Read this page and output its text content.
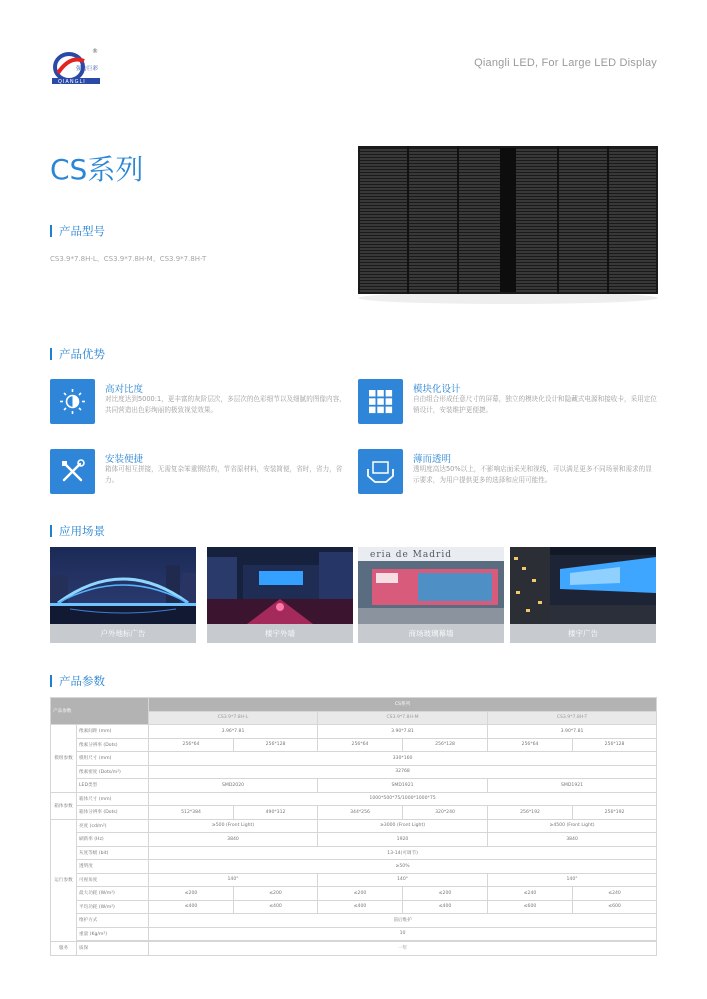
强力巨彩
QIANGLI
®
Qiangli LED, For Large LED Display
CS系列
产品型号
CS3.9*7.8H-L、CS3.9*7.8H-M、CS3.9*7.8H-T
产品优势
高对比度
对比度达到5000:1，更丰富的灰阶层次，多层次的色彩细节以及细腻的图像内容，共同营造出色彩绚丽的极致视觉效果。
模块化设计
自由组合形成任意尺寸的屏幕，独立的模块化设计和隐藏式电源和接收卡，采用定位销设计，安装维护更便捷。
安装便捷
箱体可相互拼接，无需复杂笨重钢结构，节省原材料，安装简便，省时，省力，省力。
薄而透明
透明度高达50%以上，不影响店面采光和视线，可以满足更多不同场景和需求的显示要求，为用户提供更多的选择和应用可能性。
应用场景
户外地标广告	楼宇外墙
eria de Madrid
商场玻璃幕墙	楼宇广告
产品参数
产品参数		CS系列					
		CS3.9*7.8H-L		CS3.9*7.8H-M		CS3.9*7.8H-T	
模组参数	像素间距 (mm)	3.96*7.81		3.90*7.81		3.90*7.81	
	像素分辨率 (Dots)	256*64	256*128	256*64	256*128	256*64	256*128
	模组尺寸 (mm)	330*160					
	像素密度 (Dots/m²)	32768					
	LED类型	SMD2020		SMD1921		SMD1921	
箱体参数	箱体尺寸 (mm)	1000*500*75/1000*1000*75					
	箱体分辨率 (Dots)	512*384	490*312	344*256	320*240	256*192	256*192
运行参数	亮度 (cd/m²)	≥500 (Front Light)		≥3000 (Front Light)		≥4500 (Front Light)	
	刷新率 (Hz)	3840		1920		3840	
	灰度等级 (bit)	13-14(可调节)					
	透明度	≥50%					
	可视角度	140°		140°		140°	
	最大功耗 (W/m²)	≤200	≤200	≤200	≤200	≤240	≤240
	平均功耗 (W/m²)	≤400	≤400	≤400	≤400	≤600	≤600
	维护方式	前后维护					
	重量 (Kg/m²)	10					

服务	质保	一年					
